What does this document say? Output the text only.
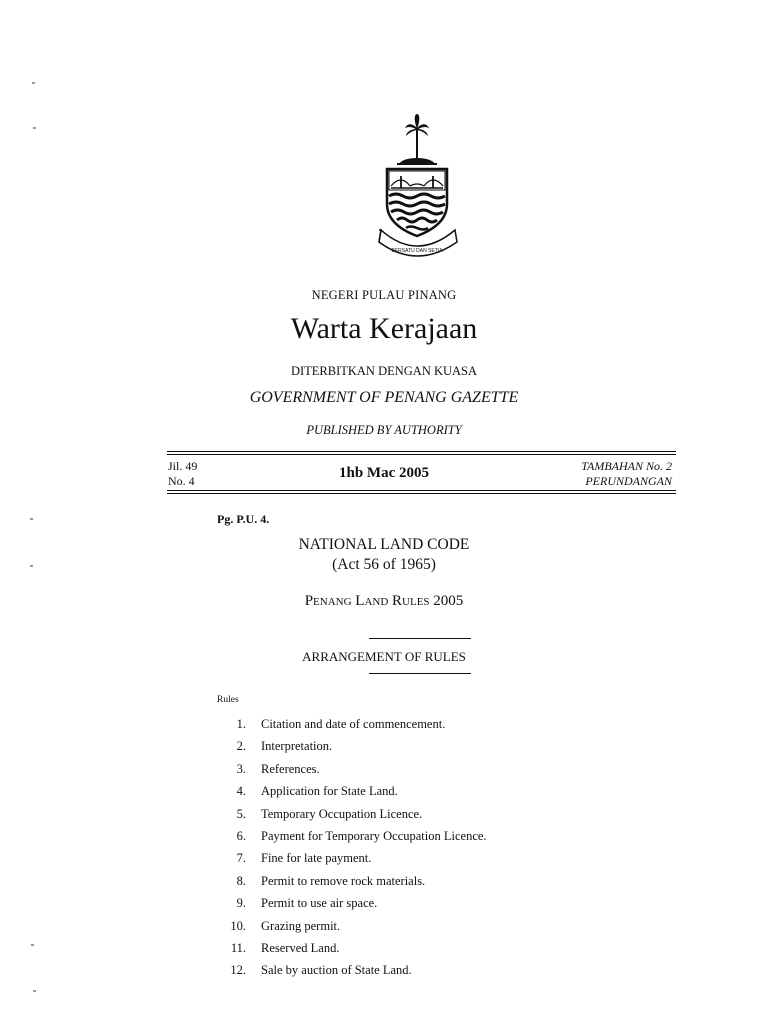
BERSATU DAN SETIA
NEGERI PULAU PINANG
Warta Kerajaan
DITERBITKAN DENGAN KUASA
GOVERNMENT OF PENANG GAZETTE
PUBLISHED BY AUTHORITY
Jil. 49
No. 4	1hb Mac 2005	TAMBAHAN No. 2
PERUNDANGAN
Pg. P.U. 4.
NATIONAL LAND CODE
(Act 56 of 1965)
Penang Land Rules 2005
ARRANGEMENT OF RULES
Rules
1. Citation and date of commencement.
2. Interpretation.
3. References.
4. Application for State Land.
5. Temporary Occupation Licence.
6. Payment for Temporary Occupation Licence.
7. Fine for late payment.
8. Permit to remove rock materials.
9. Permit to use air space.
10. Grazing permit.
11. Reserved Land.
12. Sale by auction of State Land.
